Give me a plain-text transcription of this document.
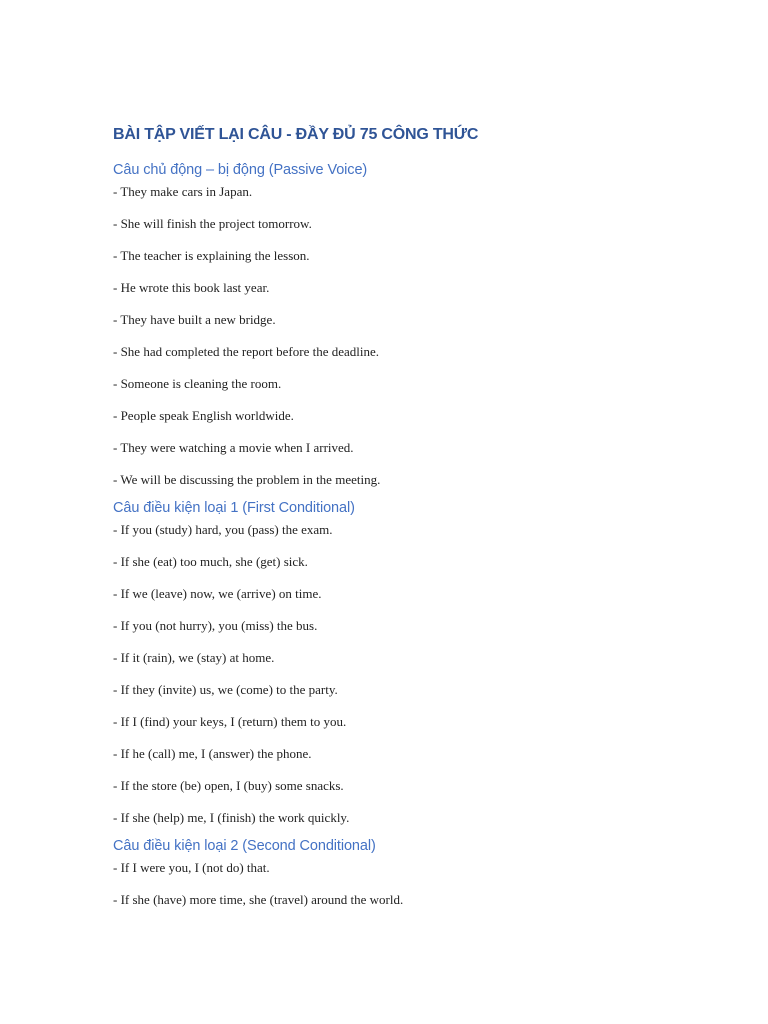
BÀI TẬP VIẾT LẠI CÂU - ĐẦY ĐỦ 75 CÔNG THỨC
Câu chủ động – bị động (Passive Voice)
- They make cars in Japan.
- She will finish the project tomorrow.
- The teacher is explaining the lesson.
- He wrote this book last year.
- They have built a new bridge.
- She had completed the report before the deadline.
- Someone is cleaning the room.
- People speak English worldwide.
- They were watching a movie when I arrived.
- We will be discussing the problem in the meeting.
Câu điều kiện loại 1 (First Conditional)
- If you (study) hard, you (pass) the exam.
- If she (eat) too much, she (get) sick.
- If we (leave) now, we (arrive) on time.
- If you (not hurry), you (miss) the bus.
- If it (rain), we (stay) at home.
- If they (invite) us, we (come) to the party.
- If I (find) your keys, I (return) them to you.
- If he (call) me, I (answer) the phone.
- If the store (be) open, I (buy) some snacks.
- If she (help) me, I (finish) the work quickly.
Câu điều kiện loại 2 (Second Conditional)
- If I were you, I (not do) that.
- If she (have) more time, she (travel) around the world.
